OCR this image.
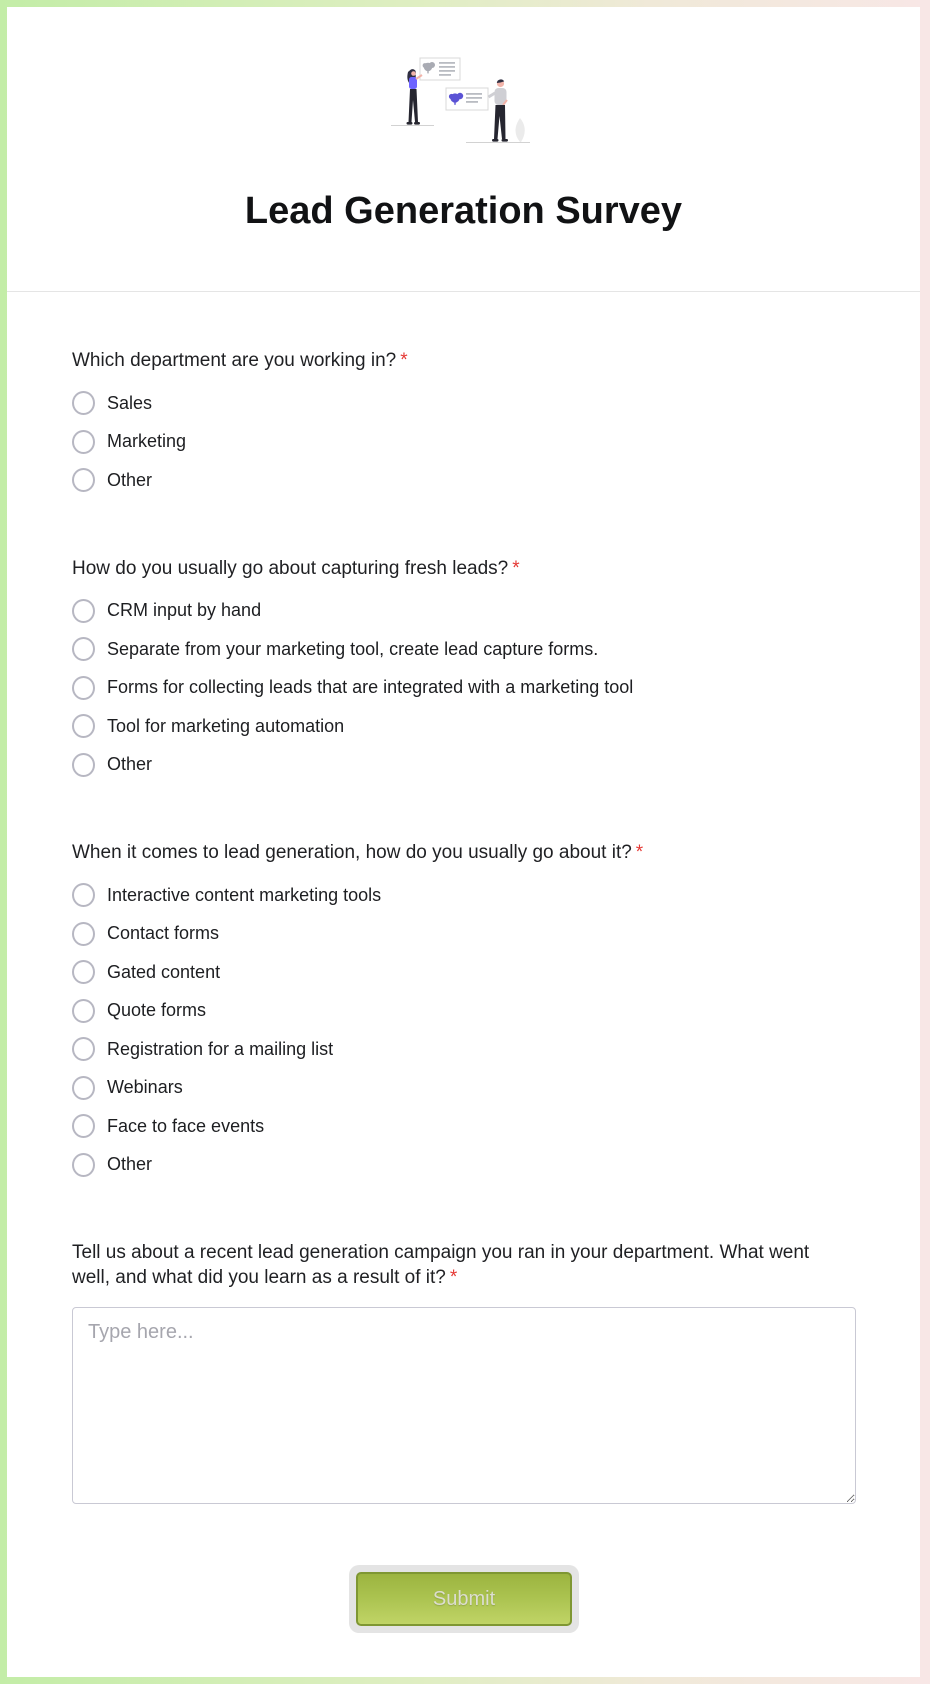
Lead Generation Survey

Which department are you working in? *

Sales
Marketing
Other

How do you usually go about capturing fresh leads? *

CRM input by hand
Separate from your marketing tool, create lead capture forms.
Forms for collecting leads that are integrated with a marketing tool
Tool for marketing automation
Other

When it comes to lead generation, how do you usually go about it? *

Interactive content marketing tools
Contact forms
Gated content
Quote forms
Registration for a mailing list
Webinars
Face to face events
Other

Tell us about a recent lead generation campaign you ran in your department. What went well, and what did you learn as a result of it? *

Type here...
Submit
